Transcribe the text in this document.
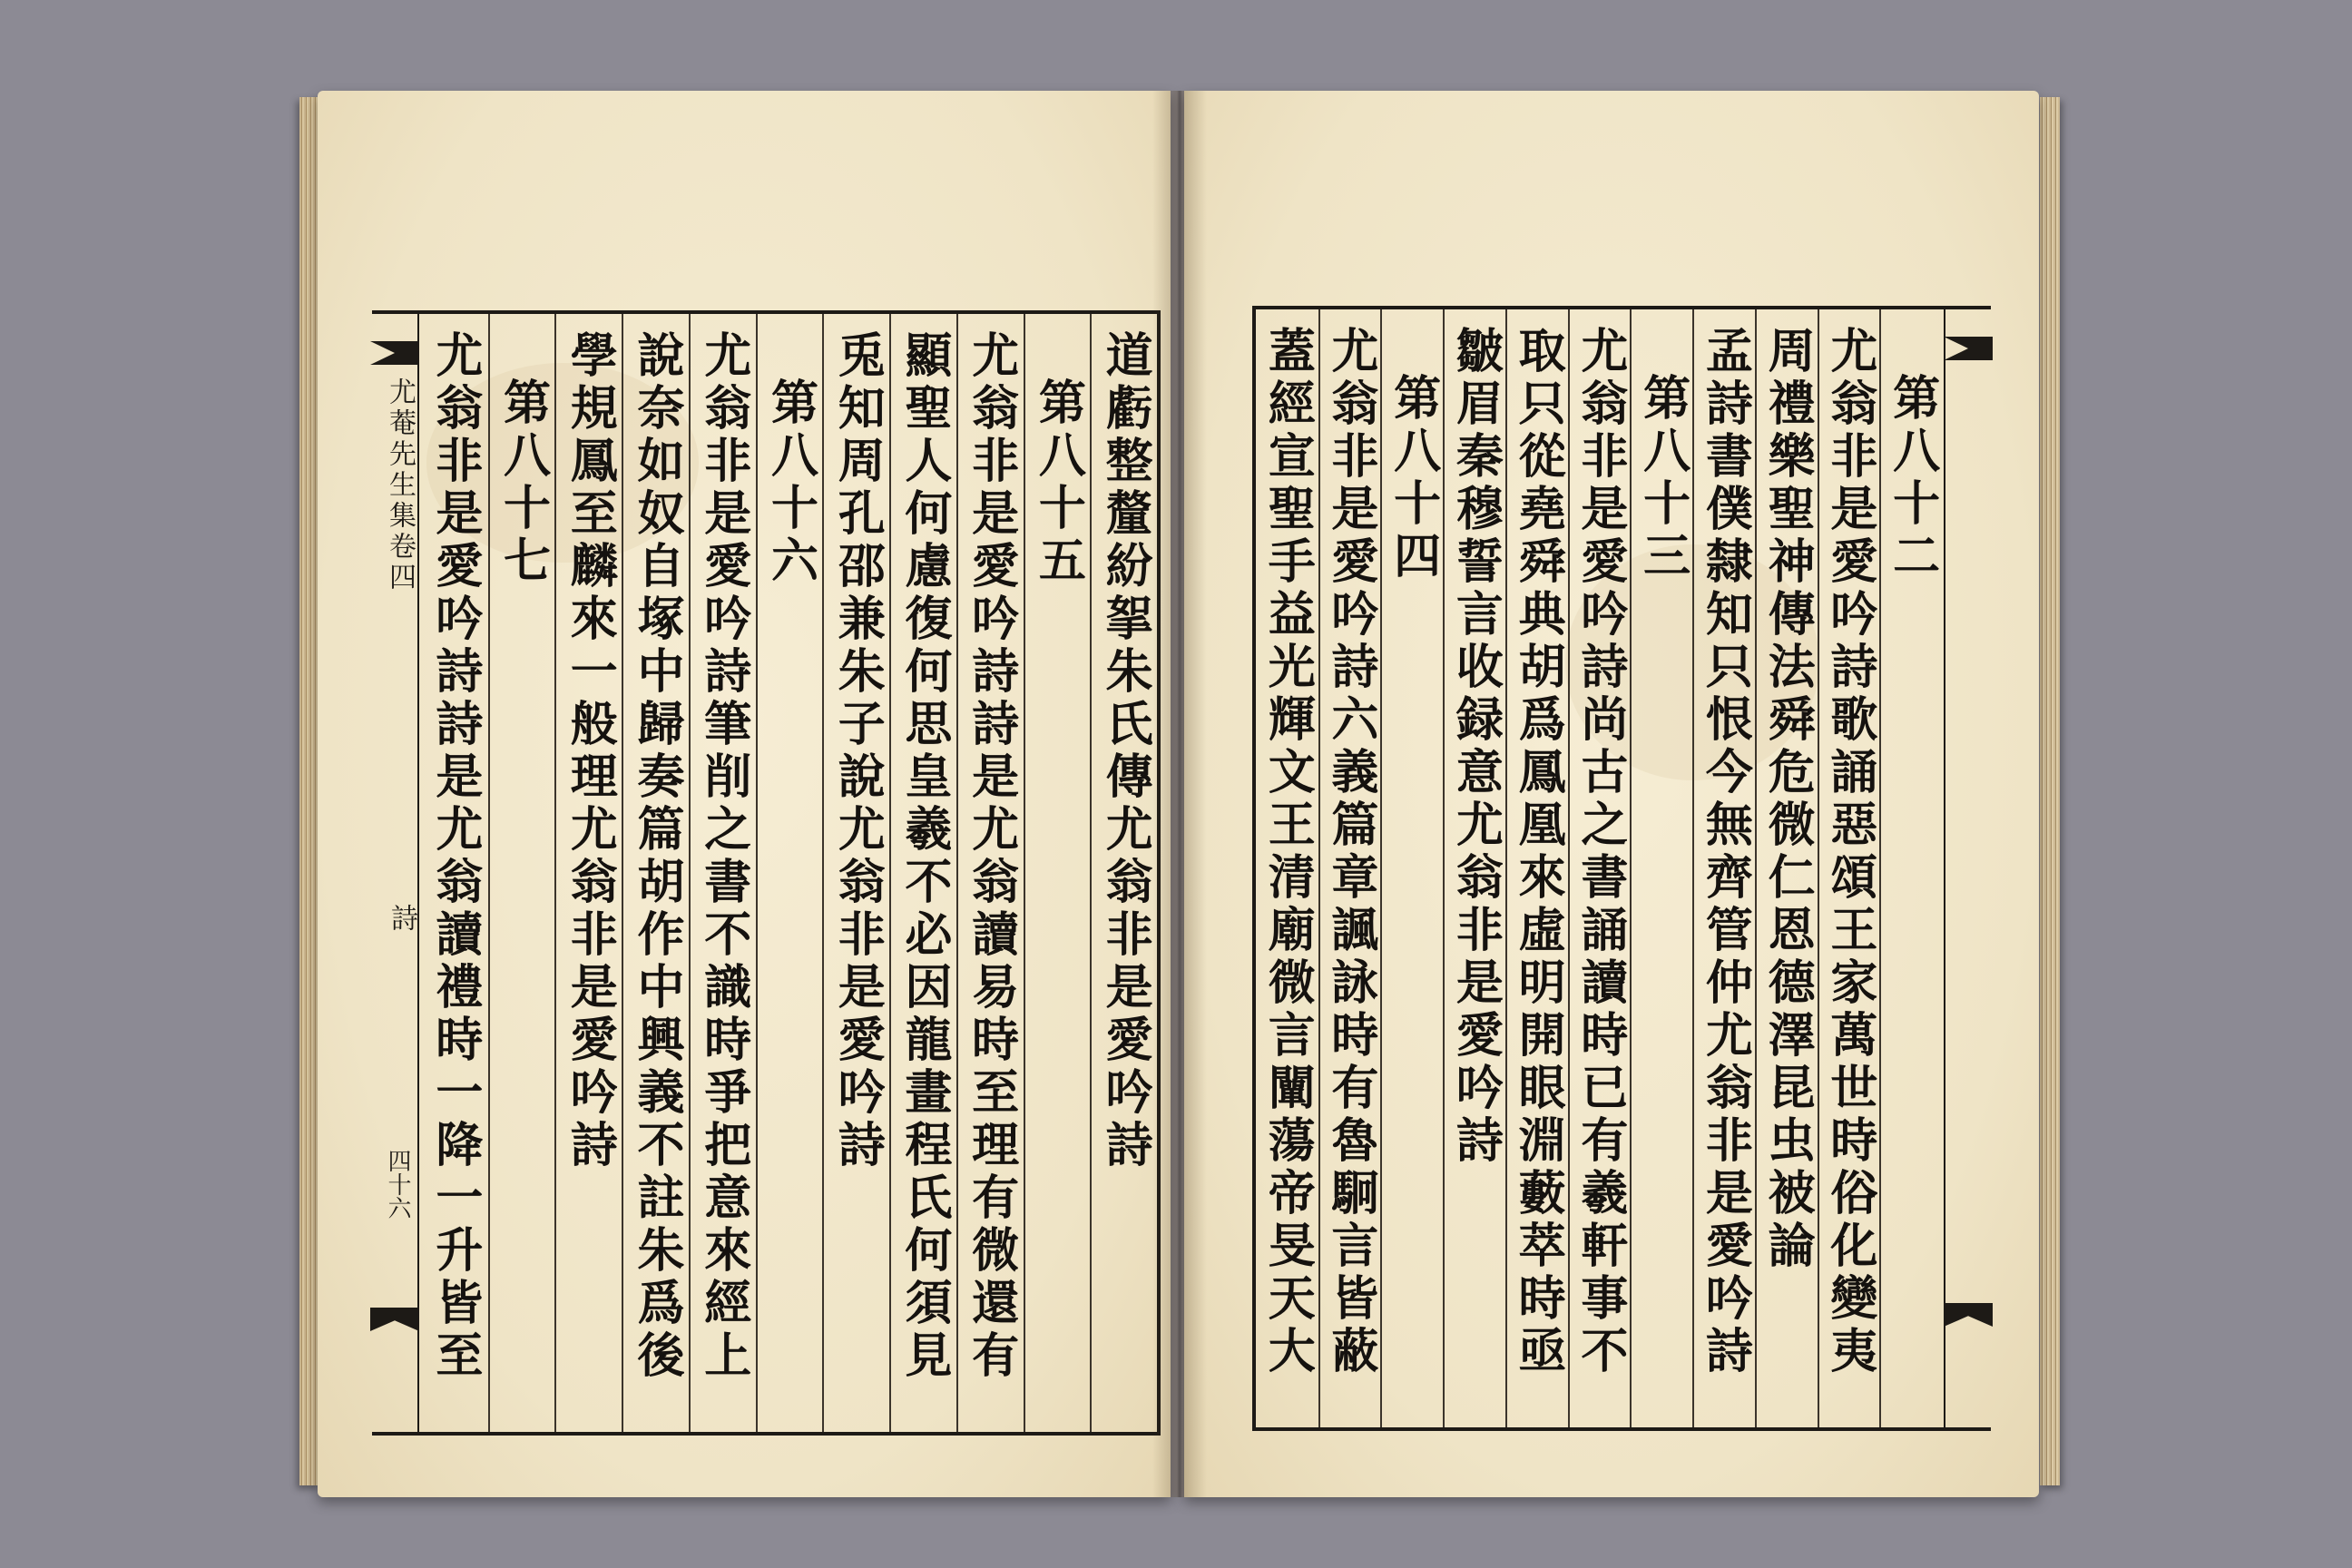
尤菴先生集卷四
詩
四十六
道虧整釐紛挐朱氏傳尤翁非是愛吟詩
第八十五
尤翁非是愛吟詩詩是尤翁讀易時至理有微還有
顯聖人何慮復何思皇羲不必因龍畫程氏何須見
兎知周孔邵兼朱子說尤翁非是愛吟詩
第八十六
尤翁非是愛吟詩筆削之書不識時爭把意來經上
說奈如奴自塚中歸奏篇胡作中興義不註朱爲後
學規鳳至麟來一般理尤翁非是愛吟詩
第八十七
尤翁非是愛吟詩詩是尤翁讀禮時一降一升皆至	第八十二
尤翁非是愛吟詩歌誦惡頌王家萬世時俗化變夷
周禮樂聖神傳法舜危微仁恩德澤昆虫被論
孟詩書僕隸知只恨今無齊管仲尤翁非是愛吟詩
第八十三
尤翁非是愛吟詩尚古之書誦讀時已有羲軒事不
取只從堯舜典胡爲鳳凰來虛明開眼淵藪萃時亟
皺眉秦穆誓言收録意尤翁非是愛吟詩
第八十四
尤翁非是愛吟詩六義篇章諷詠時有魯駉言皆蔽
蓋經宣聖手益光輝文王清廟微言闡蕩帝旻天大
